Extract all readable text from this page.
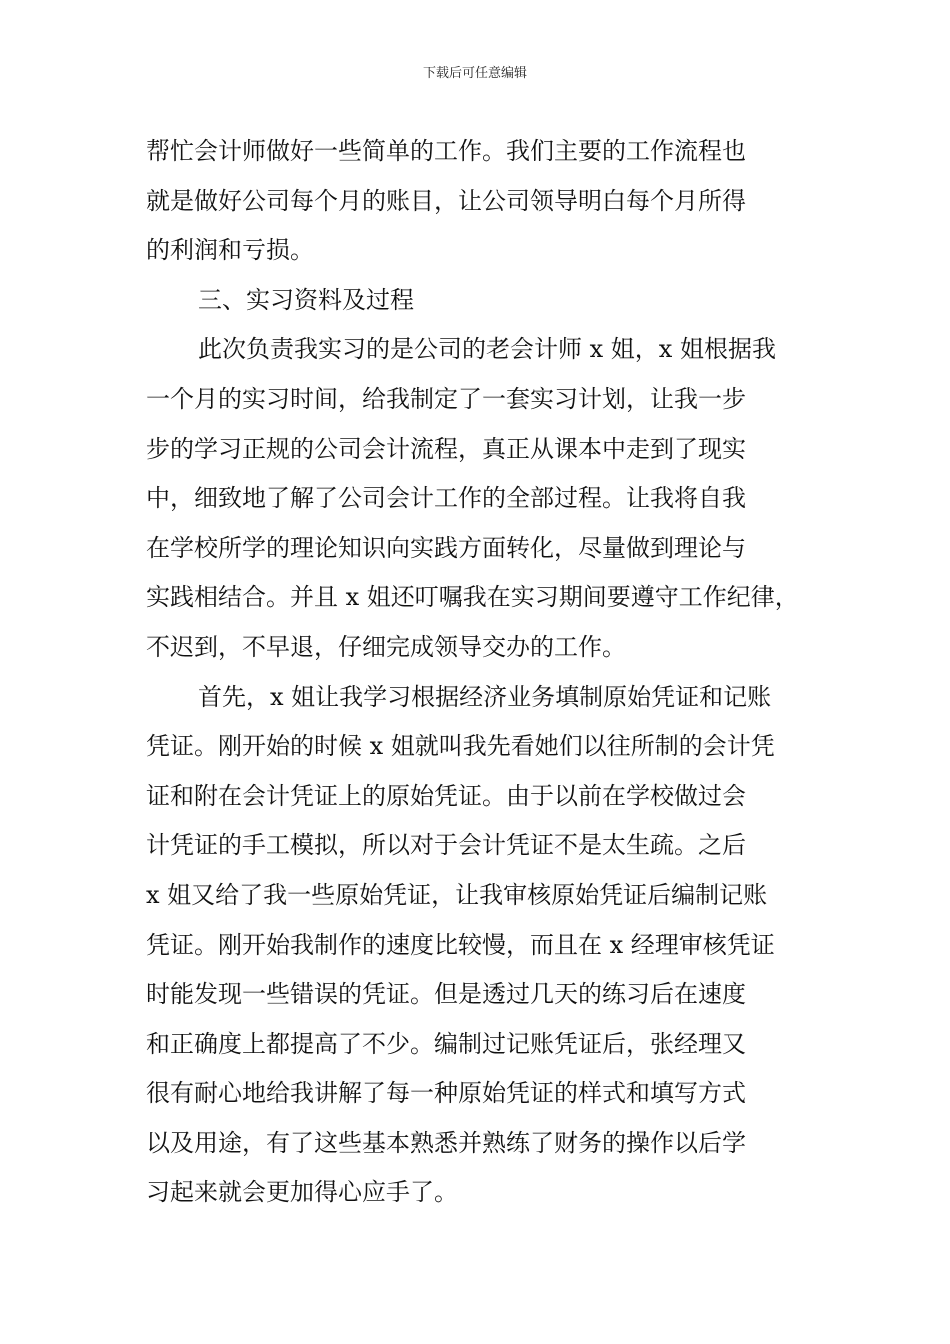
下载后可任意编辑
帮忙会计师做好一些简单的工作。我们主要的工作流程也
就是做好公司每个月的账目，让公司领导明白每个月所得
的利润和亏损。
三、实习资料及过程
此次负责我实习的是公司的老会计师 x 姐，x 姐根据我
一个月的实习时间，给我制定了一套实习计划，让我一步
步的学习正规的公司会计流程，真正从课本中走到了现实
中，细致地了解了公司会计工作的全部过程。让我将自我
在学校所学的理论知识向实践方面转化，尽量做到理论与
实践相结合。并且 x 姐还叮嘱我在实习期间要遵守工作纪律，
不迟到，不早退，仔细完成领导交办的工作。
首先，x 姐让我学习根据经济业务填制原始凭证和记账
凭证。刚开始的时候 x 姐就叫我先看她们以往所制的会计凭
证和附在会计凭证上的原始凭证。由于以前在学校做过会
计凭证的手工模拟，所以对于会计凭证不是太生疏。之后
x 姐又给了我一些原始凭证，让我审核原始凭证后编制记账
凭证。刚开始我制作的速度比较慢，而且在 x 经理审核凭证
时能发现一些错误的凭证。但是透过几天的练习后在速度
和正确度上都提高了不少。编制过记账凭证后，张经理又
很有耐心地给我讲解了每一种原始凭证的样式和填写方式
以及用途，有了这些基本熟悉并熟练了财务的操作以后学
习起来就会更加得心应手了。
